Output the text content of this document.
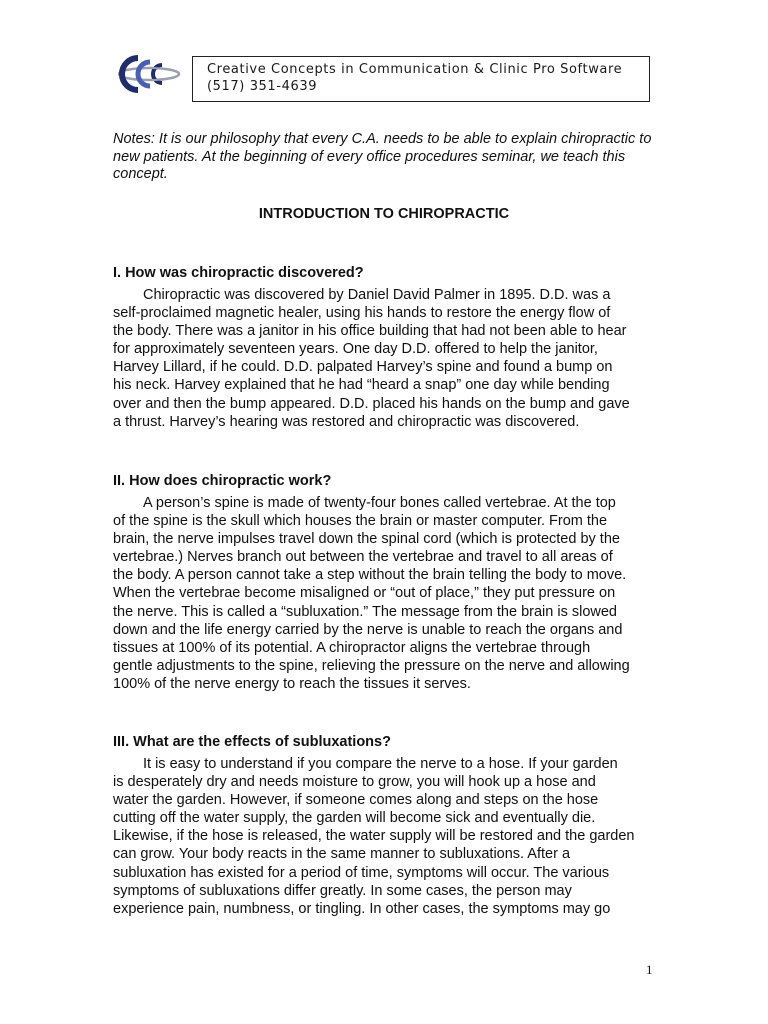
Creative Concepts in Communication & Clinic Pro Software
(517) 351-4639
Notes: It is our philosophy that every C.A. needs to be able to explain chiropractic to new patients. At the beginning of every office procedures seminar, we teach this concept.
INTRODUCTION TO CHIROPRACTIC
I. How was chiropractic discovered?
Chiropractic was discovered by Daniel David Palmer in 1895. D.D. was a
self-proclaimed magnetic healer, using his hands to restore the energy flow of
the body. There was a janitor in his office building that had not been able to hear
for approximately seventeen years. One day D.D. offered to help the janitor,
Harvey Lillard, if he could. D.D. palpated Harvey’s spine and found a bump on
his neck. Harvey explained that he had “heard a snap” one day while bending
over and then the bump appeared. D.D. placed his hands on the bump and gave
a thrust. Harvey’s hearing was restored and chiropractic was discovered.
II. How does chiropractic work?
A person’s spine is made of twenty-four bones called vertebrae. At the top
of the spine is the skull which houses the brain or master computer. From the
brain, the nerve impulses travel down the spinal cord (which is protected by the
vertebrae.) Nerves branch out between the vertebrae and travel to all areas of
the body. A person cannot take a step without the brain telling the body to move.
When the vertebrae become misaligned or “out of place,” they put pressure on
the nerve. This is called a “subluxation.” The message from the brain is slowed
down and the life energy carried by the nerve is unable to reach the organs and
tissues at 100% of its potential. A chiropractor aligns the vertebrae through
gentle adjustments to the spine, relieving the pressure on the nerve and allowing
100% of the nerve energy to reach the tissues it serves.
III. What are the effects of subluxations?
It is easy to understand if you compare the nerve to a hose. If your garden
is desperately dry and needs moisture to grow, you will hook up a hose and
water the garden. However, if someone comes along and steps on the hose
cutting off the water supply, the garden will become sick and eventually die.
Likewise, if the hose is released, the water supply will be restored and the garden
can grow. Your body reacts in the same manner to subluxations. After a
subluxation has existed for a period of time, symptoms will occur. The various
symptoms of subluxations differ greatly. In some cases, the person may
experience pain, numbness, or tingling. In other cases, the symptoms may go
1
